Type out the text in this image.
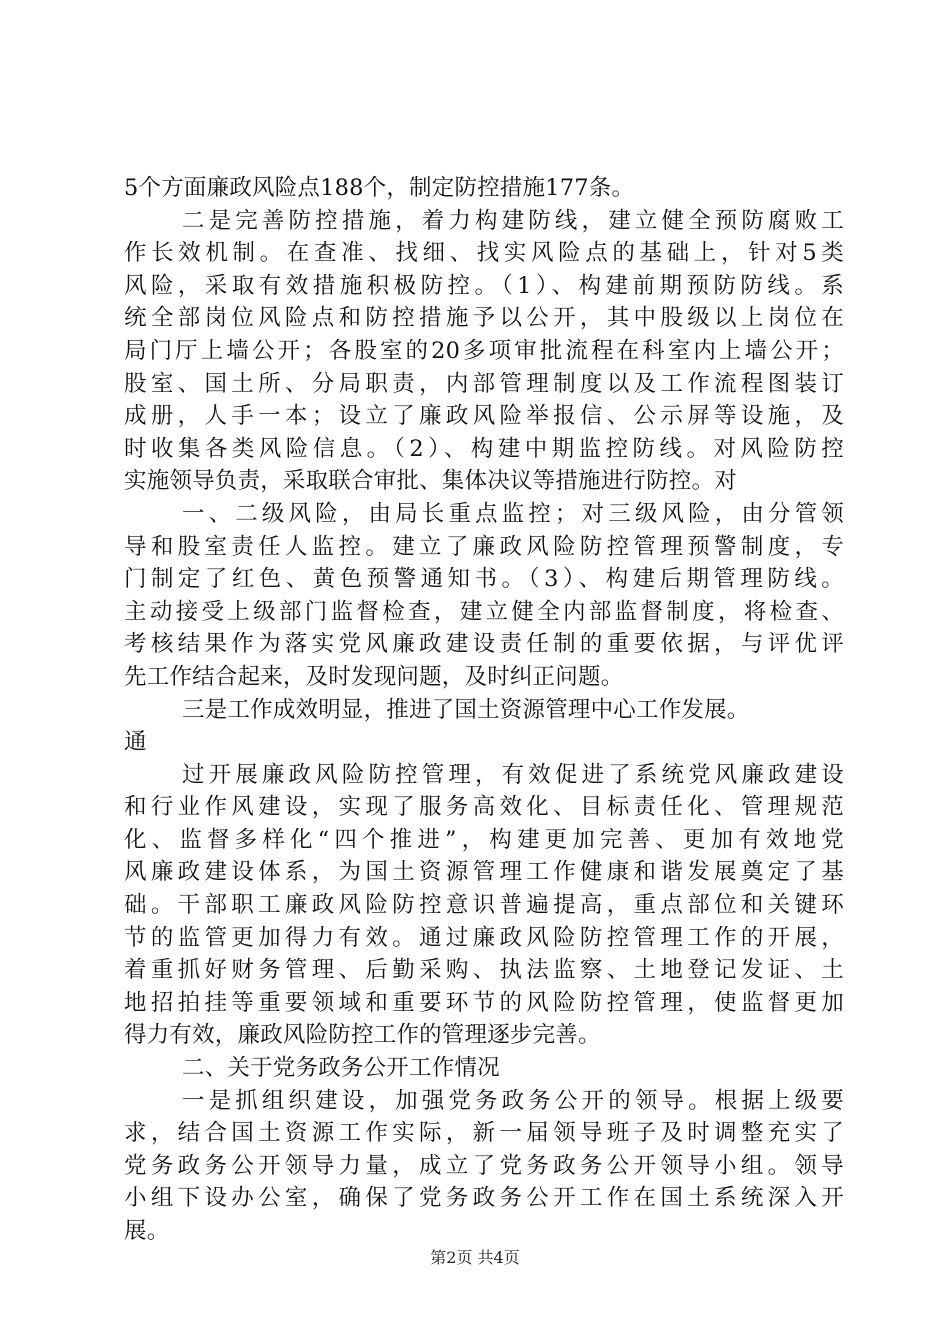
5个方面廉政风险点188个，制定防控措施177条。
二是完善防控措施，着力构建防线，建立健全预防腐败工
作长效机制。在查准、找细、找实风险点的基础上，针对5类
风险，采取有效措施积极防控。（1）、构建前期预防防线。系
统全部岗位风险点和防控措施予以公开，其中股级以上岗位在
局门厅上墙公开；各股室的20多项审批流程在科室内上墙公开；
股室、国土所、分局职责，内部管理制度以及工作流程图装订
成册，人手一本；设立了廉政风险举报信、公示屏等设施，及
时收集各类风险信息。（2）、构建中期监控防线。对风险防控
实施领导负责，采取联合审批、集体决议等措施进行防控。对
一、二级风险，由局长重点监控；对三级风险，由分管领
导和股室责任人监控。建立了廉政风险防控管理预警制度，专
门制定了红色、黄色预警通知书。（3）、构建后期管理防线。
主动接受上级部门监督检查，建立健全内部监督制度，将检查、
考核结果作为落实党风廉政建设责任制的重要依据，与评优评
先工作结合起来，及时发现问题，及时纠正问题。
三是工作成效明显，推进了国土资源管理中心工作发展。
通
过开展廉政风险防控管理，有效促进了系统党风廉政建设
和行业作风建设，实现了服务高效化、目标责任化、管理规范
化、监督多样化“四个推进”，构建更加完善、更加有效地党
风廉政建设体系，为国土资源管理工作健康和谐发展奠定了基
础。干部职工廉政风险防控意识普遍提高，重点部位和关键环
节的监管更加得力有效。通过廉政风险防控管理工作的开展，
着重抓好财务管理、后勤采购、执法监察、土地登记发证、土
地招拍挂等重要领域和重要环节的风险防控管理，使监督更加
得力有效，廉政风险防控工作的管理逐步完善。
二、关于党务政务公开工作情况
一是抓组织建设，加强党务政务公开的领导。根据上级要
求，结合国土资源工作实际，新一届领导班子及时调整充实了
党务政务公开领导力量，成立了党务政务公开领导小组。领导
小组下设办公室，确保了党务政务公开工作在国土系统深入开
展。
第2页 共4页
